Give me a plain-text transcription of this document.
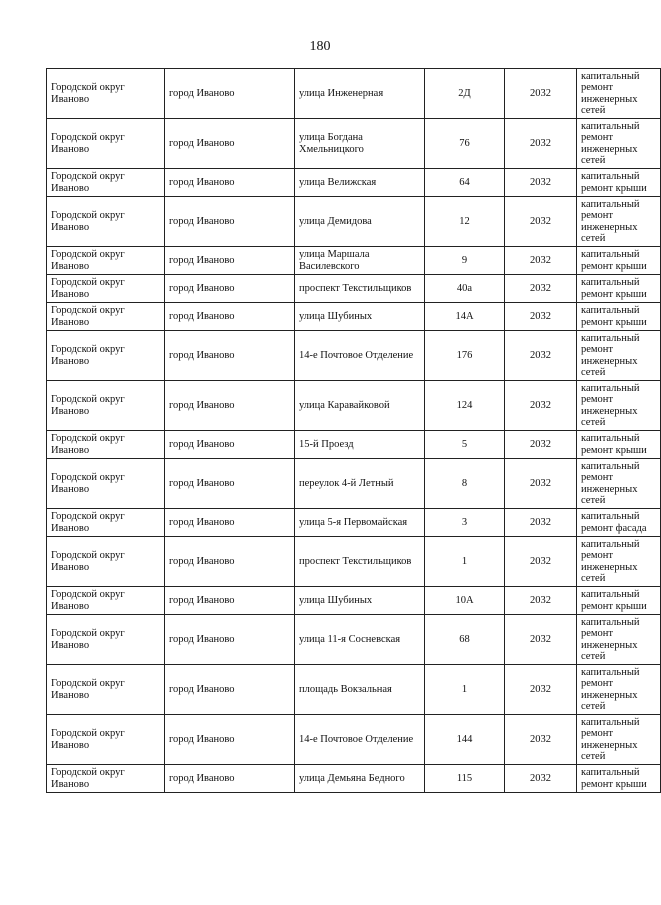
180
Городской округ Иваново	город Иваново	улица Инженерная	2Д	2032	капитальный ремонт инженерных сетей
Городской округ Иваново	город Иваново	улица Богдана Хмельницкого	76	2032	капитальный ремонт инженерных сетей
Городской округ Иваново	город Иваново	улица Велижская	64	2032	капитальный ремонт крыши
Городской округ Иваново	город Иваново	улица Демидова	12	2032	капитальный ремонт инженерных сетей
Городской округ Иваново	город Иваново	улица Маршала Василевского	9	2032	капитальный ремонт крыши
Городской округ Иваново	город Иваново	проспект Текстильщиков	40а	2032	капитальный ремонт крыши
Городской округ Иваново	город Иваново	улица Шубиных	14А	2032	капитальный ремонт крыши
Городской округ Иваново	город Иваново	14-е Почтовое Отделение	176	2032	капитальный ремонт инженерных сетей
Городской округ Иваново	город Иваново	улица Каравайковой	124	2032	капитальный ремонт инженерных сетей
Городской округ Иваново	город Иваново	15-й Проезд	5	2032	капитальный ремонт крыши
Городской округ Иваново	город Иваново	переулок 4-й Летный	8	2032	капитальный ремонт инженерных сетей
Городской округ Иваново	город Иваново	улица 5-я Первомайская	3	2032	капитальный ремонт фасада
Городской округ Иваново	город Иваново	проспект Текстильщиков	1	2032	капитальный ремонт инженерных сетей
Городской округ Иваново	город Иваново	улица Шубиных	10А	2032	капитальный ремонт крыши
Городской округ Иваново	город Иваново	улица 11-я Сосневская	68	2032	капитальный ремонт инженерных сетей
Городской округ Иваново	город Иваново	площадь Вокзальная	1	2032	капитальный ремонт инженерных сетей
Городской округ Иваново	город Иваново	14-е Почтовое Отделение	144	2032	капитальный ремонт инженерных сетей
Городской округ Иваново	город Иваново	улица Демьяна Бедного	115	2032	капитальный ремонт крыши
